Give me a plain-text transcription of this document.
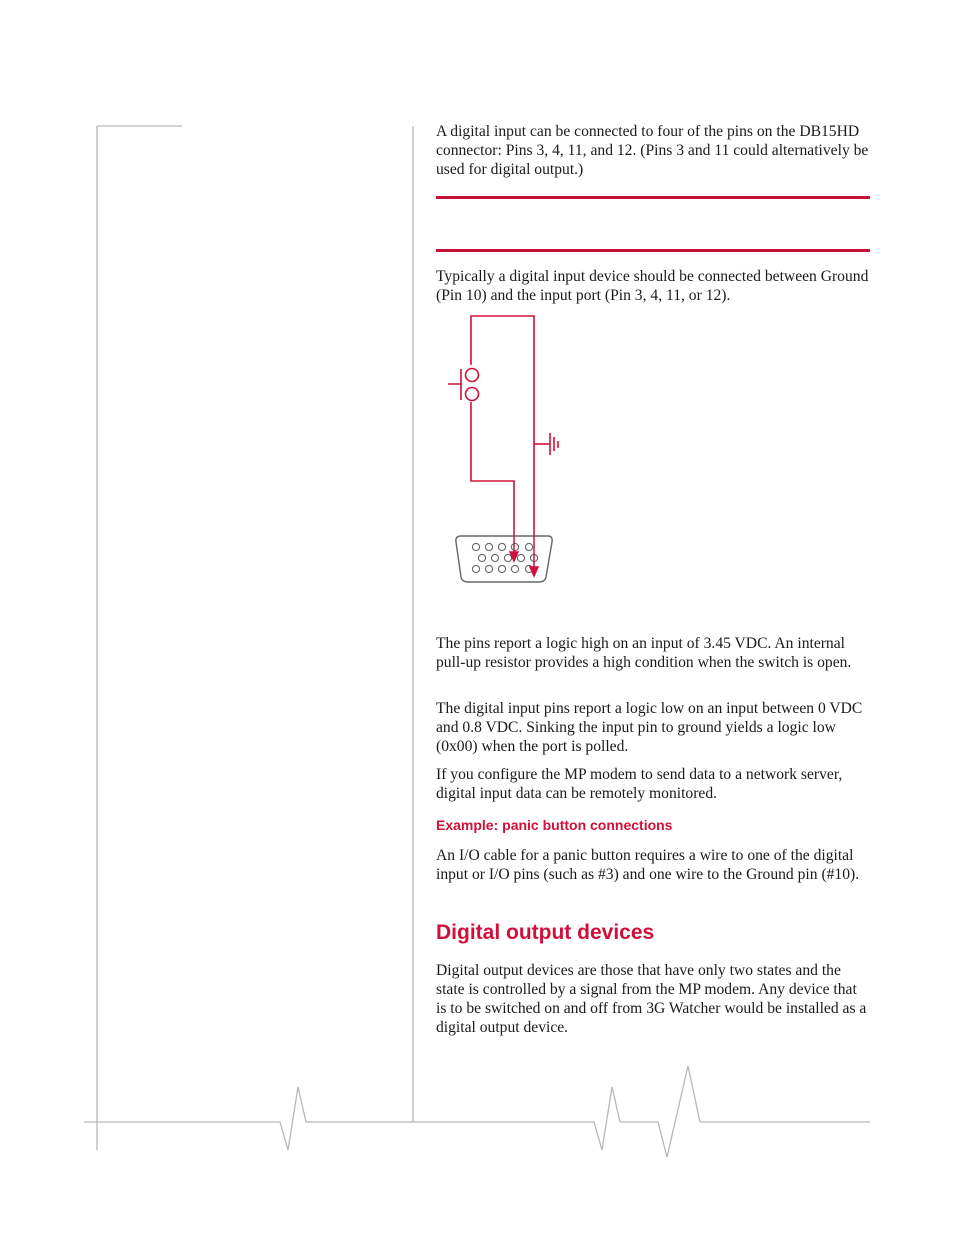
A digital input can be connected to four of the pins on the DB15HD connector: Pins 3, 4, 11, and 12. (Pins 3 and 11 could alternatively be used for digital output.)

Typically a digital input device should be connected between Ground (Pin 10) and the input port (Pin 3, 4, 11, or 12).

The pins report a logic high on an input of 3.45 VDC. An internal pull-up resistor provides a high condition when the switch is open.

The digital input pins report a logic low on an input between 0 VDC and 0.8 VDC. Sinking the input pin to ground yields a logic low (0x00) when the port is polled.

If you configure the MP modem to send data to a network server, digital input data can be remotely monitored.

Example: panic button connections

An I/O cable for a panic button requires a wire to one of the digital input or I/O pins (such as #3) and one wire to the Ground pin (#10).

Digital output devices

Digital output devices are those that have only two states and the state is controlled by a signal from the MP modem. Any device that is to be switched on and off from 3G Watcher would be installed as a digital output device.
